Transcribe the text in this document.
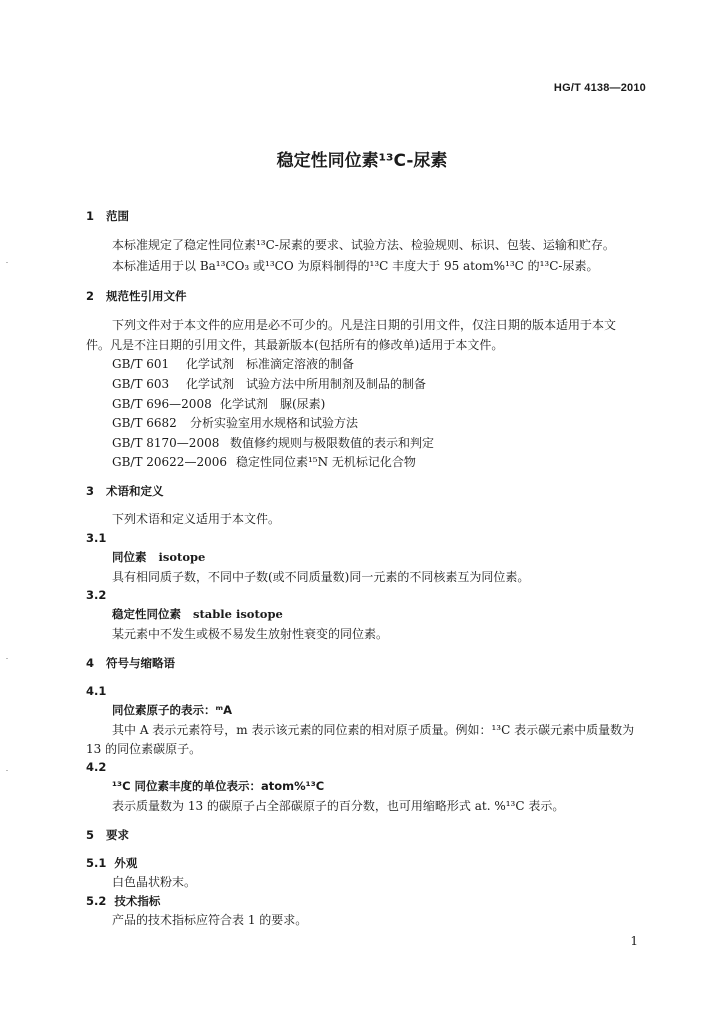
HG/T 4138—2010
稳定性同位素¹³C-尿素
1 范围
本标准规定了稳定性同位素¹³C-尿素的要求、试验方法、检验规则、标识、包装、运输和贮存。
本标准适用于以 Ba¹³CO₃ 或¹³CO 为原料制得的¹³C 丰度大于 95 atom%¹³C 的¹³C-尿素。
2 规范性引用文件
下列文件对于本文件的应用是必不可少的。凡是注日期的引用文件，仅注日期的版本适用于本文
件。凡是不注日期的引用文件，其最新版本(包括所有的修改单)适用于本文件。
GB/T 601 化学试剂　标准滴定溶液的制备
GB/T 603 化学试剂　试验方法中所用制剂及制品的制备
GB/T 696—2008 化学试剂　脲(尿素)
GB/T 6682 分析实验室用水规格和试验方法
GB/T 8170—2008 数值修约规则与极限数值的表示和判定
GB/T 20622—2006 稳定性同位素¹⁵N 无机标记化合物
3 术语和定义
下列术语和定义适用于本文件。
3.1
同位素 isotope
具有相同质子数，不同中子数(或不同质量数)同一元素的不同核素互为同位素。
3.2
稳定性同位素 stable isotope
某元素中不发生或极不易发生放射性衰变的同位素。
4 符号与缩略语
4.1
同位素原子的表示：ᵐA
其中 A 表示元素符号，m 表示该元素的同位素的相对原子质量。例如：¹³C 表示碳元素中质量数为
13 的同位素碳原子。
4.2
¹³C 同位素丰度的单位表示：atom%¹³C
表示质量数为 13 的碳原子占全部碳原子的百分数，也可用缩略形式 at. %¹³C 表示。
5 要求
5.1 外观
白色晶状粉末。
5.2 技术指标
产品的技术指标应符合表 1 的要求。
1
